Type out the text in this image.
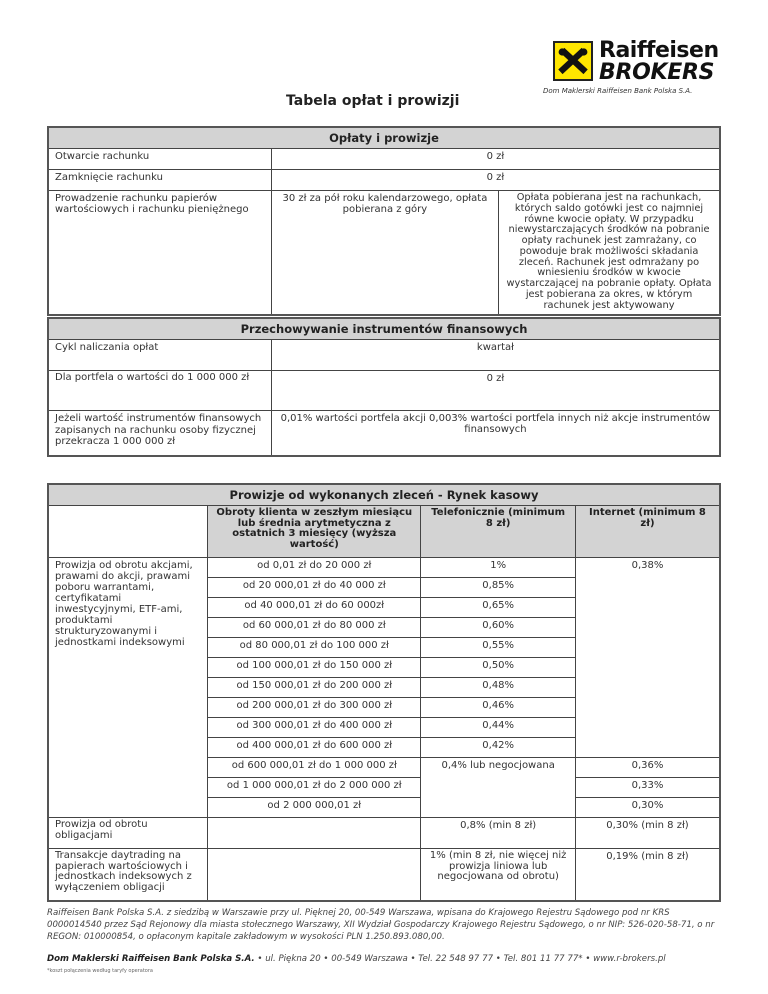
Raiffeisen
BROKERS
Dom Maklerski Raiffeisen Bank Polska S.A.
Tabela opłat i prowizji
Opłaty i prowizje		
Otwarcie rachunku	0 zł	
Zamknięcie rachunku	0 zł	
Prowadzenie rachunku papierów wartościowych i rachunku pieniężnego	30 zł za pół roku kalendarzowego, opłata pobierana z góry	Opłata pobierana jest na rachunkach, których saldo gotówki jest co najmniej równe kwocie opłaty. W przypadku niewystarczających środków na pobranie opłaty rachunek jest zamrażany, co powoduje brak możliwości składania zleceń. Rachunek jest odmrażany po wniesieniu środków w kwocie wystarczającej na pobranie opłaty. Opłata jest pobierana za okres, w którym rachunek jest aktywowany
Przechowywanie instrumentów finansowych	
Cykl naliczania opłat	kwartał
Dla portfela o wartości do 1 000 000 zł	0 zł
Jeżeli wartość instrumentów finansowych zapisanych na rachunku osoby fizycznej przekracza 1 000 000 zł	0,01% wartości portfela akcji 0,003% wartości portfela innych niż akcje instrumentów finansowych
Prowizje od wykonanych zleceń - Rynek kasowy			
	Obroty klienta w zeszłym miesiącu lub średnia arytmetyczna z ostatnich 3 miesięcy (wyższa wartość)	Telefonicznie (minimum 8 zł)	Internet (minimum 8 zł)
Prowizja od obrotu akcjami, prawami do akcji, prawami poboru warrantami, certyfikatami inwestycyjnymi, ETF-ami, produktami strukturyzowanymi i jednostkami indeksowymi	od 0,01 zł do 20 000 zł	1%	0,38%
	od 20 000,01 zł do 40 000 zł	0,85%	
	od 40 000,01 zł do 60 000zł	0,65%	
	od 60 000,01 zł do 80 000 zł	0,60%	
	od 80 000,01 zł do 100 000 zł	0,55%	
	od 100 000,01 zł do 150 000 zł	0,50%	
	od 150 000,01 zł do 200 000 zł	0,48%	
	od 200 000,01 zł do 300 000 zł	0,46%	
	od 300 000,01 zł do 400 000 zł	0,44%	
	od 400 000,01 zł do 600 000 zł	0,42%	
	od 600 000,01 zł do 1 000 000 zł	0,4% lub negocjowana	0,36%
	od 1 000 000,01 zł do 2 000 000 zł		0,33%
	od 2 000 000,01 zł		0,30%
Prowizja od obrotu obligacjami		0,8% (min 8 zł)	0,30% (min 8 zł)
Transakcje daytrading na papierach wartościowych i jednostkach indeksowych z wyłączeniem obligacji		1% (min 8 zł, nie więcej niż prowizja liniowa lub negocjowana od obrotu)	0,19% (min 8 zł)
Raiffeisen Bank Polska S.A. z siedzibą w Warszawie przy ul. Pięknej 20, 00-549 Warszawa, wpisana do Krajowego Rejestru Sądowego pod nr KRS 0000014540 przez Sąd Rejonowy dla miasta stołecznego Warszawy, XII Wydział Gospodarczy Krajowego Rejestru Sądowego, o nr NIP: 526-020-58-71, o nr REGON: 010000854, o opłaconym kapitale zakładowym w wysokości PLN 1.250.893.080,00.
Dom Maklerski Raiffeisen Bank Polska S.A. • ul. Piękna 20 • 00-549 Warszawa • Tel. 22 548 97 77 • Tel. 801 11 77 77* • www.r-brokers.pl
*koszt połączenia według taryfy operatora
